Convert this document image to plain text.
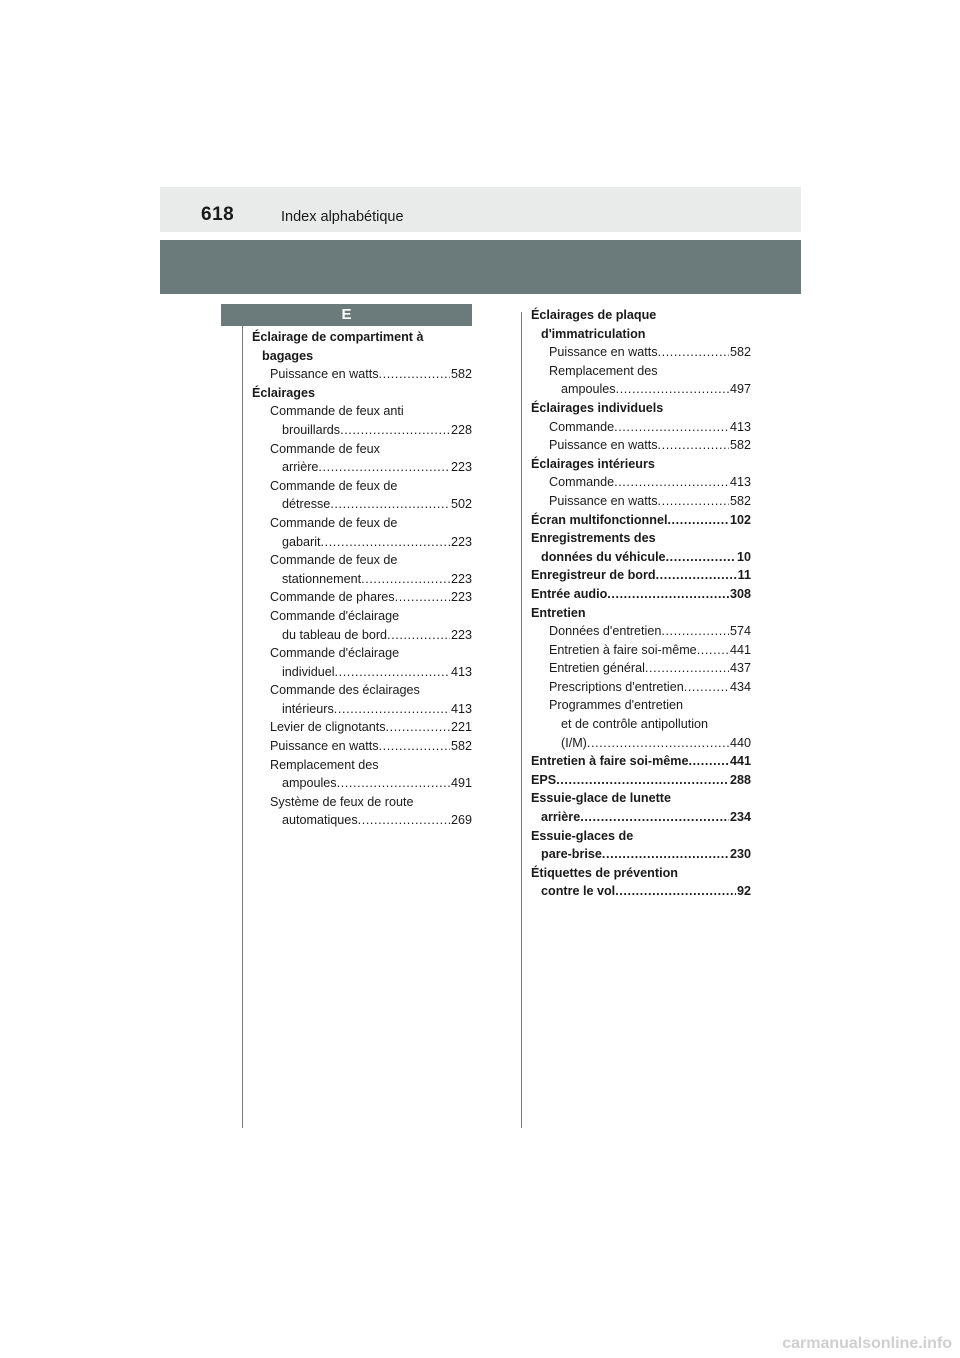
618	Index alphabétique
E
Éclairage de compartiment à
bagages
Puissance en watts .....	582
Éclairages
Commande de feux anti
brouillards .....	228
Commande de feux
arrière .....	223
Commande de feux de
détresse .....	502
Commande de feux de
gabarit .....	223
Commande de feux de
stationnement .....	223
Commande de phares .....	223
Commande d'éclairage
du tableau de bord .....	223
Commande d'éclairage
individuel .....	413
Commande des éclairages
intérieurs .....	413
Levier de clignotants .....	221
Puissance en watts .....	582
Remplacement des
ampoules .....	491
Système de feux de route
automatiques .....	269
Éclairages de plaque
d'immatriculation
Puissance en watts .....	582
Remplacement des
ampoules .....	497
Éclairages individuels
Commande .....	413
Puissance en watts .....	582
Éclairages intérieurs
Commande .....	413
Puissance en watts .....	582
Écran multifonctionnel .....	102
Enregistrements des
données du véhicule .....	10
Enregistreur de bord .....	11
Entrée audio .....	308
Entretien
Données d'entretien .....	574
Entretien à faire soi-même .....	441
Entretien général .....	437
Prescriptions d'entretien .....	434
Programmes d'entretien
et de contrôle antipollution
(I/M) .....	440
Entretien à faire soi-même .....	441
EPS .....	288
Essuie-glace de lunette
arrière .....	234
Essuie-glaces de
pare-brise .....	230
Étiquettes de prévention
contre le vol .....	92
carmanualsonline.info
